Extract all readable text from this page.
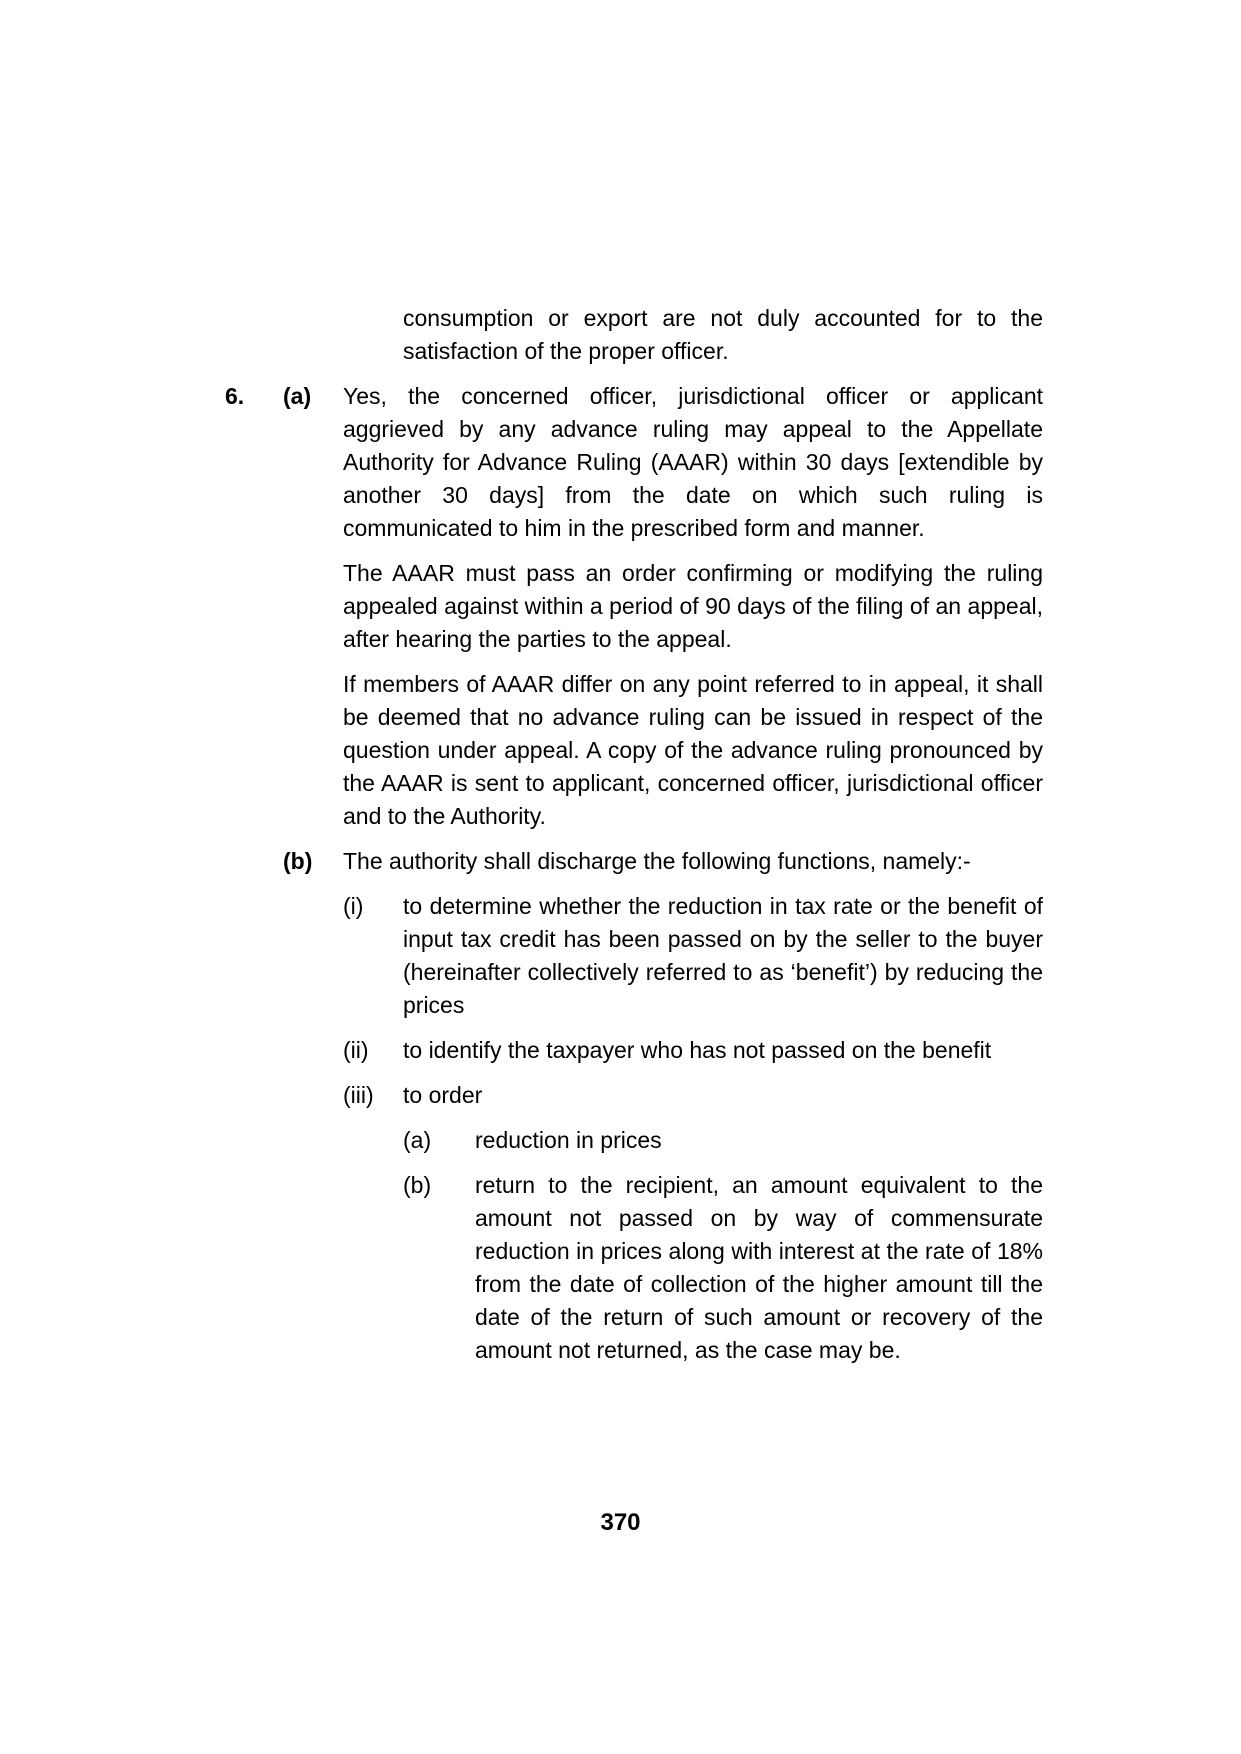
consumption or export are not duly accounted for to the satisfaction of the proper officer.

6.	(a)	Yes, the concerned officer, jurisdictional officer or applicant aggrieved by any advance ruling may appeal to the Appellate Authority for Advance Ruling (AAAR) within 30 days [extendible by another 30 days] from the date on which such ruling is communicated to him in the prescribed form and manner.

The AAAR must pass an order confirming or modifying the ruling appealed against within a period of 90 days of the filing of an appeal, after hearing the parties to the appeal.

If members of AAAR differ on any point referred to in appeal, it shall be deemed that no advance ruling can be issued in respect of the question under appeal. A copy of the advance ruling pronounced by the AAAR is sent to applicant, concerned officer, jurisdictional officer and to the Authority.

(b)	The authority shall discharge the following functions, namely:-

(i)	to determine whether the reduction in tax rate or the benefit of input tax credit has been passed on by the seller to the buyer (hereinafter collectively referred to as ‘benefit’) by reducing the prices

(ii)	to identify the taxpayer who has not passed on the benefit

(iii)	to order

(a)	reduction in prices

(b)	return to the recipient, an amount equivalent to the amount not passed on by way of commensurate reduction in prices along with interest at the rate of 18% from the date of collection of the higher amount till the date of the return of such amount or recovery of the amount not returned, as the case may be.

370
